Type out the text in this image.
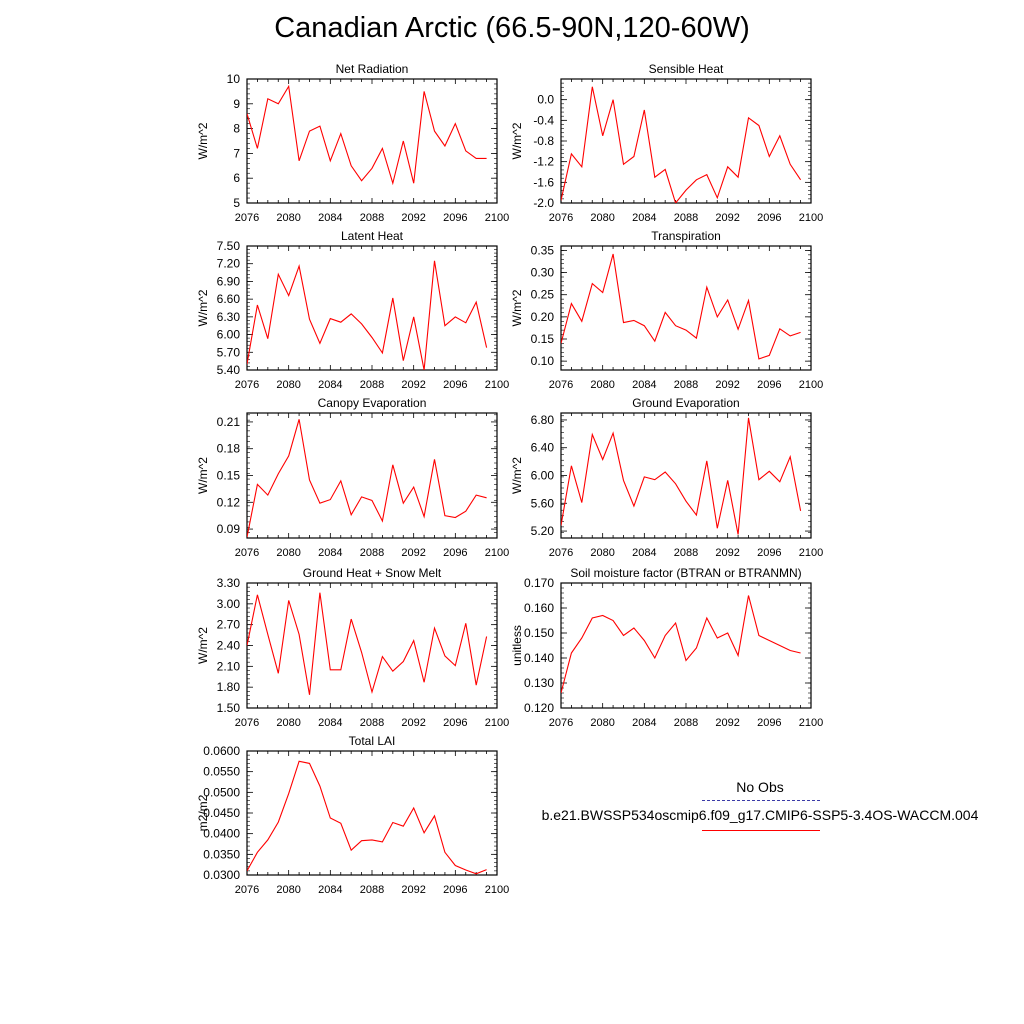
Canadian Arctic (66.5-90N,120-60W)
2076 2080 2084 2088 2092 2096 2100
5
6
7
8
9
10
Net Radiation
W/m^2
2076 2080 2084 2088 2092 2096 2100
-2.0
-1.6
-1.2
-0.8
-0.4
0.0
Sensible Heat
W/m^2
2076 2080 2084 2088 2092 2096 2100
5.40
5.70
6.00
6.30
6.60
6.90
7.20
7.50
Latent Heat
W/m^2
2076 2080 2084 2088 2092 2096 2100
0.10
0.15
0.20
0.25
0.30
0.35
Transpiration
W/m^2
2076 2080 2084 2088 2092 2096 2100
0.09
0.12
0.15
0.18
0.21
Canopy Evaporation
W/m^2
2076 2080 2084 2088 2092 2096 2100
5.20
5.60
6.00
6.40
6.80
Ground Evaporation
W/m^2
2076 2080 2084 2088 2092 2096 2100
1.50
1.80
2.10
2.40
2.70
3.00
3.30
Ground Heat + Snow Melt
W/m^2
2076 2080 2084 2088 2092 2096 2100
0.120
0.130
0.140
0.150
0.160
0.170
Soil moisture factor (BTRAN or BTRANMN)
unitless
2076 2080 2084 2088 2092 2096 2100
0.0300
0.0350
0.0400
0.0450
0.0500
0.0550
0.0600
Total LAI
m2/m2
No Obs
b.e21.BWSSP534oscmip6.f09_g17.CMIP6-SSP5-3.4OS-WACCM.004
